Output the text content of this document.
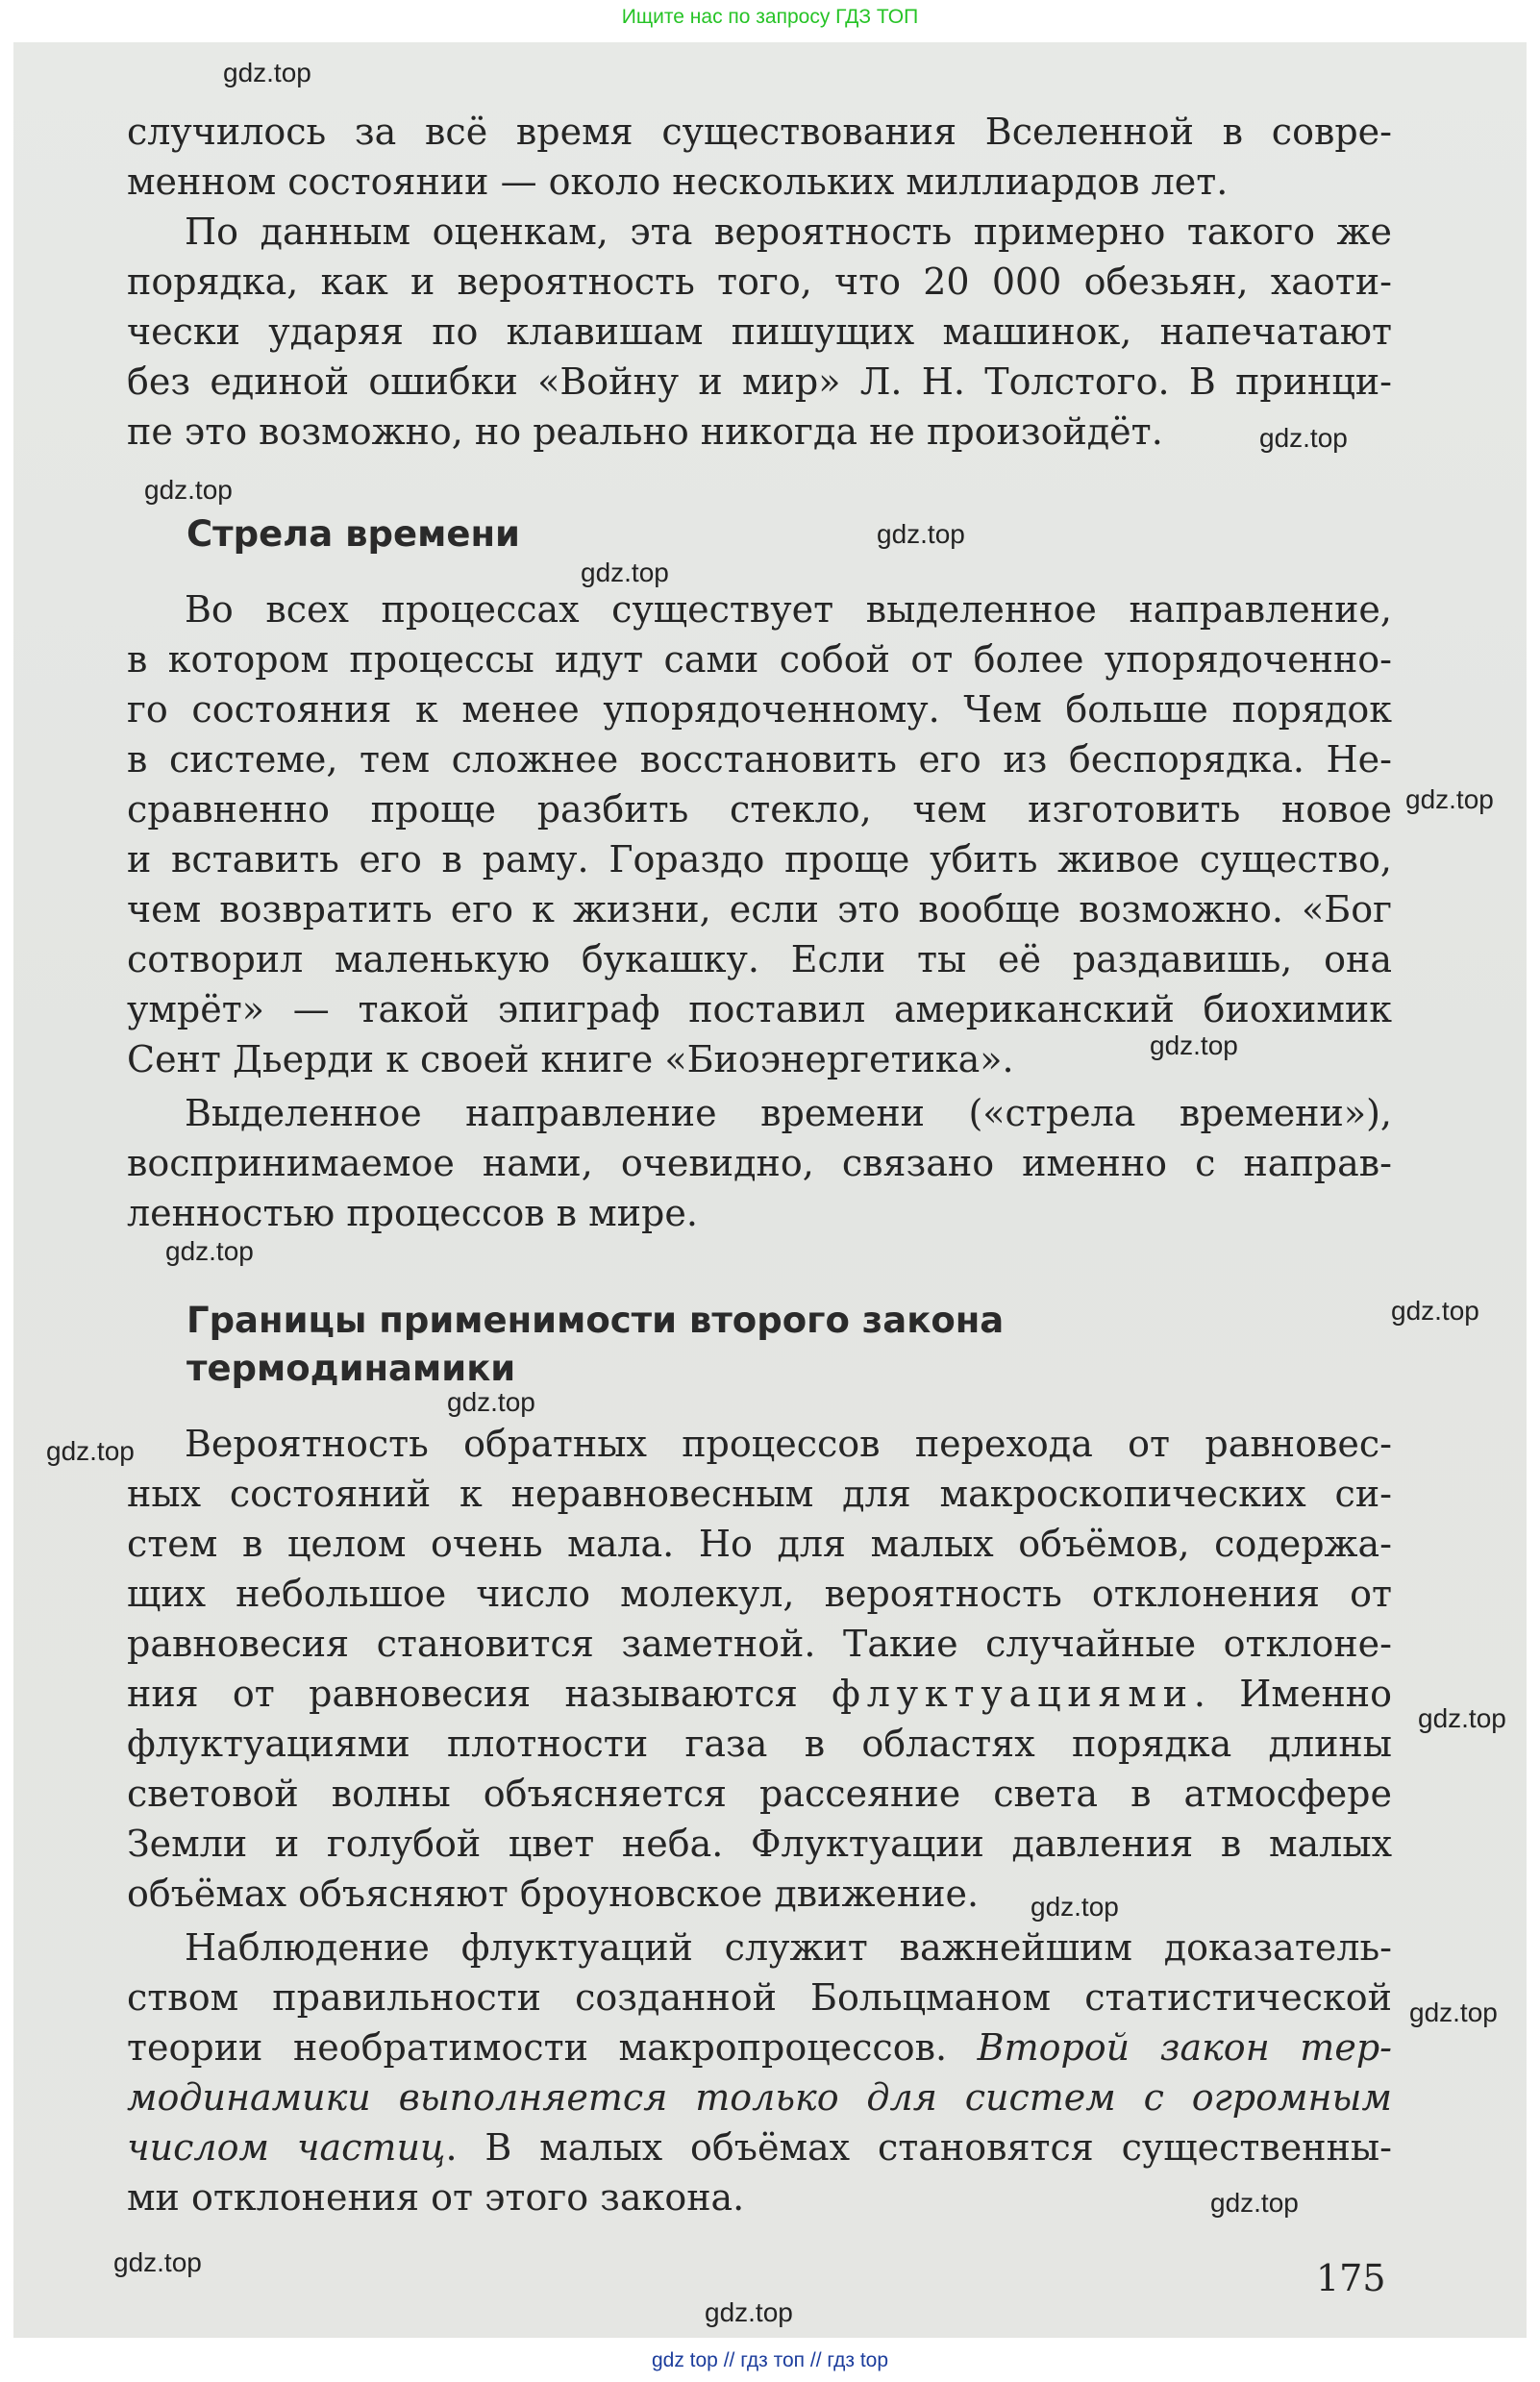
Ищите нас по запросу ГДЗ ТОП
случилось за всё время существования Вселенной в совре-
менном состоянии — около нескольких миллиардов лет.
По данным оценкам, эта вероятность примерно такого же
порядка, как и вероятность того, что 20 000 обезьян, хаоти-
чески ударяя по клавишам пишущих машинок, напечатают
без единой ошибки «Войну и мир» Л. Н. Толстого. В принци-
пе это возможно, но реально никогда не произойдёт.
Стрела времени
Во всех процессах существует выделенное направление,
в котором процессы идут сами собой от более упорядоченно-
го состояния к менее упорядоченному. Чем больше порядок
в системе, тем сложнее восстановить его из беспорядка. Не-
сравненно проще разбить стекло, чем изготовить новое
и вставить его в раму. Гораздо проще убить живое существо,
чем возвратить его к жизни, если это вообще возможно. «Бог
сотворил маленькую букашку. Если ты её раздавишь, она
умрёт» — такой эпиграф поставил американский биохимик
Сент Дьерди к своей книге «Биоэнергетика».
Выделенное направление времени («стрела времени»),
воспринимаемое нами, очевидно, связано именно с направ-
ленностью процессов в мире.
Границы применимости второго закона
термодинамики
Вероятность обратных процессов перехода от равновес-
ных состояний к неравновесным для макроскопических си-
стем в целом очень мала. Но для малых объёмов, содержа-
щих небольшое число молекул, вероятность отклонения от
равновесия становится заметной. Такие случайные отклоне-
ния от равновесия называются флуктуациями. Именно
флуктуациями плотности газа в областях порядка длины
световой волны объясняется рассеяние света в атмосфере
Земли и голубой цвет неба. Флуктуации давления в малых
объёмах объясняют броуновское движение.
Наблюдение флуктуаций служит важнейшим доказатель-
ством правильности созданной Больцманом статистической
теории необратимости макропроцессов. Второй закон тер-
модинамики выполняется только для систем с огромным
числом частиц. В малых объёмах становятся существенны-
ми отклонения от этого закона.
175
gdz.top
gdz.top
gdz.top
gdz.top
gdz.top
gdz.top
gdz.top
gdz.top
gdz.top
gdz.top
gdz.top
gdz.top
gdz.top
gdz.top
gdz.top
gdz.top
gdz.top
gdz top // гдз топ // гдз top
